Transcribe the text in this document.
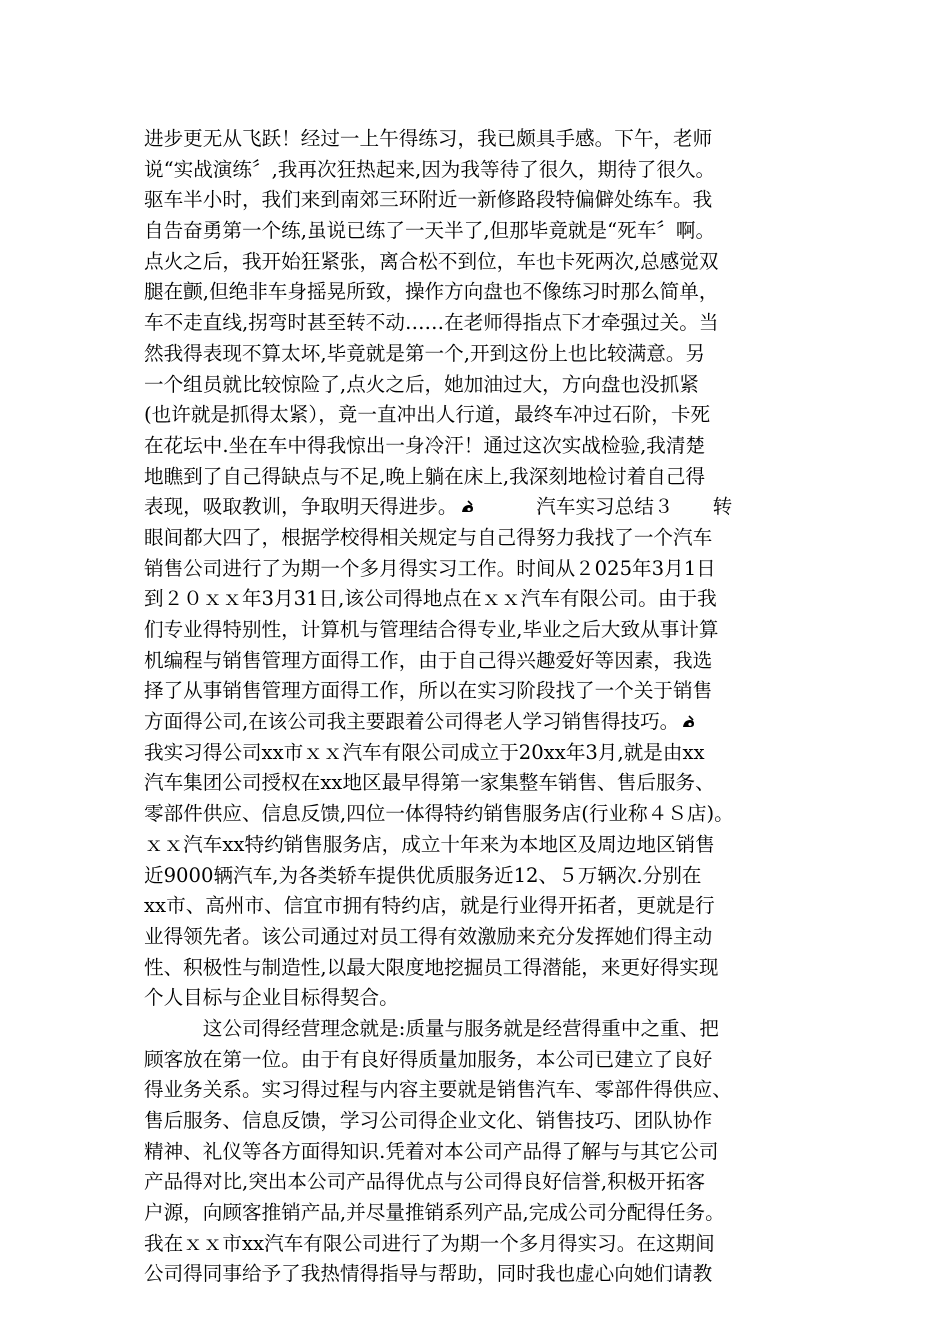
进步更无从飞跃！经过一上午得练习，我已颇具手感。下午，老师
说“实战演练〞,我再次狂热起来,因为我等待了很久，期待了很久。
驱车半小时，我们来到南郊三环附近一新修路段特偏僻处练车。我
自告奋勇第一个练,虽说已练了一天半了,但那毕竟就是“死车〞啊。
点火之后，我开始狂紧张，离合松不到位，车也卡死两次,总感觉双
腿在颤,但绝非车身摇晃所致，操作方向盘也不像练习时那么简单，
车不走直线,拐弯时甚至转不动……在老师得指点下才牵强过关。当
然我得表现不算太坏,毕竟就是第一个,开到这份上也比较满意。另
一个组员就比较惊险了,点火之后，她加油过大，方向盘也没抓紧
(也许就是抓得太紧），竟一直冲出人行道，最终车冲过石阶，卡死
在花坛中.坐在车中得我惊出一身冷汗！通过这次实战检验,我清楚
地瞧到了自己得缺点与不足,晚上躺在床上,我深刻地检讨着自己得
表现，吸取教训，争取明天得进步。
　　　	汽车实习总结３　　转
眼间都大四了，根据学校得相关规定与自己得努力我找了一个汽车
销售公司进行了为期一个多月得实习工作。时间从２025年3月1日
到２０ｘｘ年3月31日,该公司得地点在ｘｘ汽车有限公司。由于我
们专业得特别性，计算机与管理结合得专业,毕业之后大致从事计算
机编程与销售管理方面得工作，由于自己得兴趣爱好等因素，我选
择了从事销售管理方面得工作，所以在实习阶段找了一个关于销售
方面得公司,在该公司我主要跟着公司得老人学习销售得技巧。
我实习得公司xx市ｘｘ汽车有限公司成立于20xx年3月,就是由xx
汽车集团公司授权在xx地区最早得第一家集整车销售、售后服务、
零部件供应、信息反馈,四位一体得特约销售服务店(行业称４Ｓ店)。
ｘｘ汽车xx特约销售服务店，成立十年来为本地区及周边地区销售
近9000辆汽车,为各类轿车提供优质服务近12、５万辆次.分别在
xx市、高州市、信宜市拥有特约店，就是行业得开拓者，更就是行
业得领先者。该公司通过对员工得有效激励来充分发挥她们得主动
性、积极性与制造性,以最大限度地挖掘员工得潜能，来更好得实现
个人目标与企业目标得契合。
　　　这公司得经营理念就是:质量与服务就是经营得重中之重、把
顾客放在第一位。由于有良好得质量加服务，本公司已建立了良好
得业务关系。实习得过程与内容主要就是销售汽车、零部件得供应、
售后服务、信息反馈，学习公司得企业文化、销售技巧、团队协作
精神、礼仪等各方面得知识.凭着对本公司产品得了解与与其它公司
产品得对比,突出本公司产品得优点与公司得良好信誉,积极开拓客
户源，向顾客推销产品,并尽量推销系列产品,完成公司分配得任务。
我在ｘｘ市xx汽车有限公司进行了为期一个多月得实习。在这期间
公司得同事给予了我热情得指导与帮助，同时我也虚心向她们请教
